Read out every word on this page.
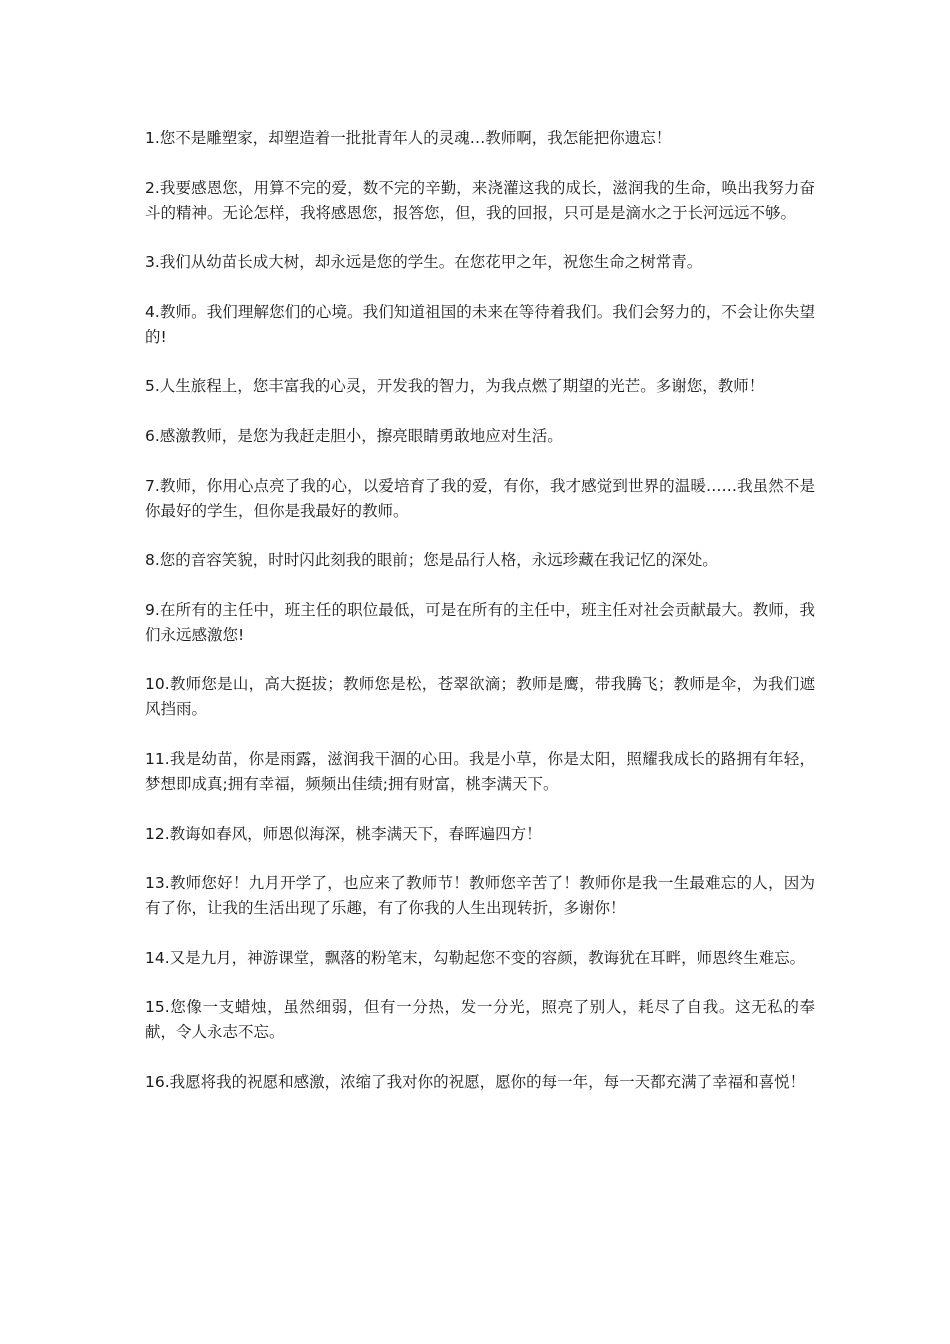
1.您不是雕塑家，却塑造着一批批青年人的灵魂…教师啊，我怎能把你遗忘！

2.我要感恩您，用算不完的爱，数不完的辛勤，来浇灌这我的成长，滋润我的生命，唤出我努力奋斗的精神。无论怎样，我将感恩您，报答您，但，我的回报，只可是是滴水之于长河远远不够。

3.我们从幼苗长成大树，却永远是您的学生。在您花甲之年，祝您生命之树常青。

4.教师。我们理解您们的心境。我们知道祖国的未来在等待着我们。我们会努力的，不会让你失望的!

5.人生旅程上，您丰富我的心灵，开发我的智力，为我点燃了期望的光芒。多谢您，教师！

6.感激教师，是您为我赶走胆小，擦亮眼睛勇敢地应对生活。

7.教师，你用心点亮了我的心，以爱培育了我的爱，有你，我才感觉到世界的温暖……我虽然不是你最好的学生，但你是我最好的教师。

8.您的音容笑貌，时时闪此刻我的眼前；您是品行人格，永远珍藏在我记忆的深处。

9.在所有的主任中，班主任的职位最低，可是在所有的主任中，班主任对社会贡献最大。教师，我们永远感激您!

10.教师您是山，高大挺拔；教师您是松，苍翠欲滴；教师是鹰，带我腾飞；教师是伞，为我们遮风挡雨。

11.我是幼苗，你是雨露，滋润我干涸的心田。我是小草，你是太阳，照耀我成长的路拥有年轻，梦想即成真;拥有幸福，频频出佳绩;拥有财富，桃李满天下。

12.教诲如春风，师恩似海深，桃李满天下，春晖遍四方！

13.教师您好！九月开学了，也应来了教师节！教师您辛苦了！教师你是我一生最难忘的人，因为有了你，让我的生活出现了乐趣，有了你我的人生出现转折，多谢你！

14.又是九月，神游课堂，飘落的粉笔末，勾勒起您不变的容颜，教诲犹在耳畔，师恩终生难忘。

15.您像一支蜡烛，虽然细弱，但有一分热，发一分光，照亮了别人，耗尽了自我。这无私的奉献，令人永志不忘。

16.我愿将我的祝愿和感激，浓缩了我对你的祝愿，愿你的每一年，每一天都充满了幸福和喜悦！
